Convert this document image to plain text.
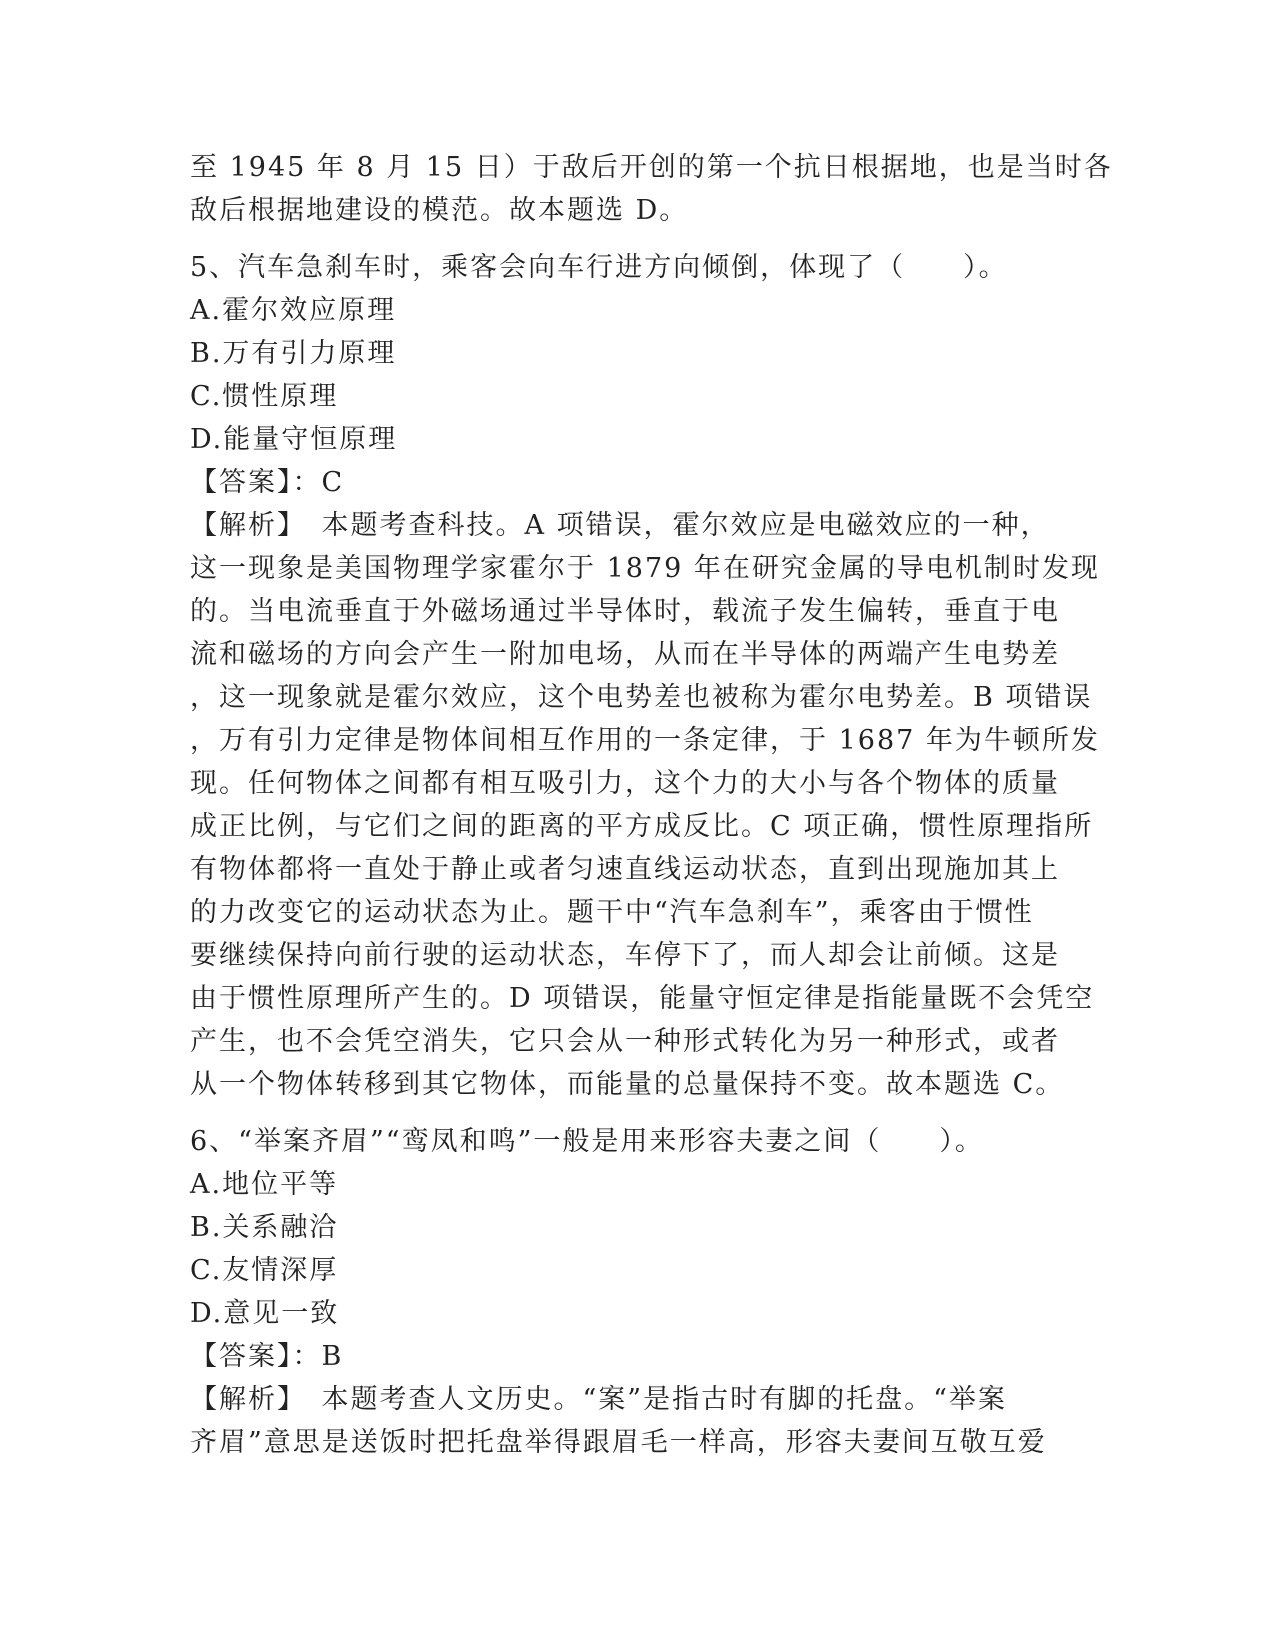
至 1945 年 8 月 15 日）于敌后开创的第一个抗日根据地，也是当时各
敌后根据地建设的模范。故本题选 D。
5、汽车急刹车时，乘客会向车行进方向倾倒，体现了（　　）。
A.霍尔效应原理
B.万有引力原理
C.惯性原理
D.能量守恒原理
【答案】：C
【解析】　本题考查科技。A 项错误，霍尔效应是电磁效应的一种，
这一现象是美国物理学家霍尔于 1879 年在研究金属的导电机制时发现
的。当电流垂直于外磁场通过半导体时，载流子发生偏转，垂直于电
流和磁场的方向会产生一附加电场，从而在半导体的两端产生电势差
，这一现象就是霍尔效应，这个电势差也被称为霍尔电势差。B 项错误
，万有引力定律是物体间相互作用的一条定律，于 1687 年为牛顿所发
现。任何物体之间都有相互吸引力，这个力的大小与各个物体的质量
成正比例，与它们之间的距离的平方成反比。C 项正确，惯性原理指所
有物体都将一直处于静止或者匀速直线运动状态，直到出现施加其上
的力改变它的运动状态为止。题干中“汽车急刹车”，乘客由于惯性
要继续保持向前行驶的运动状态，车停下了，而人却会让前倾。这是
由于惯性原理所产生的。D 项错误，能量守恒定律是指能量既不会凭空
产生，也不会凭空消失，它只会从一种形式转化为另一种形式，或者
从一个物体转移到其它物体，而能量的总量保持不变。故本题选 C。
6、“举案齐眉”“鸾凤和鸣”一般是用来形容夫妻之间（　　）。
A.地位平等
B.关系融洽
C.友情深厚
D.意见一致
【答案】：B
【解析】　本题考查人文历史。“案”是指古时有脚的托盘。“举案
齐眉”意思是送饭时把托盘举得跟眉毛一样高，形容夫妻间互敬互爱
